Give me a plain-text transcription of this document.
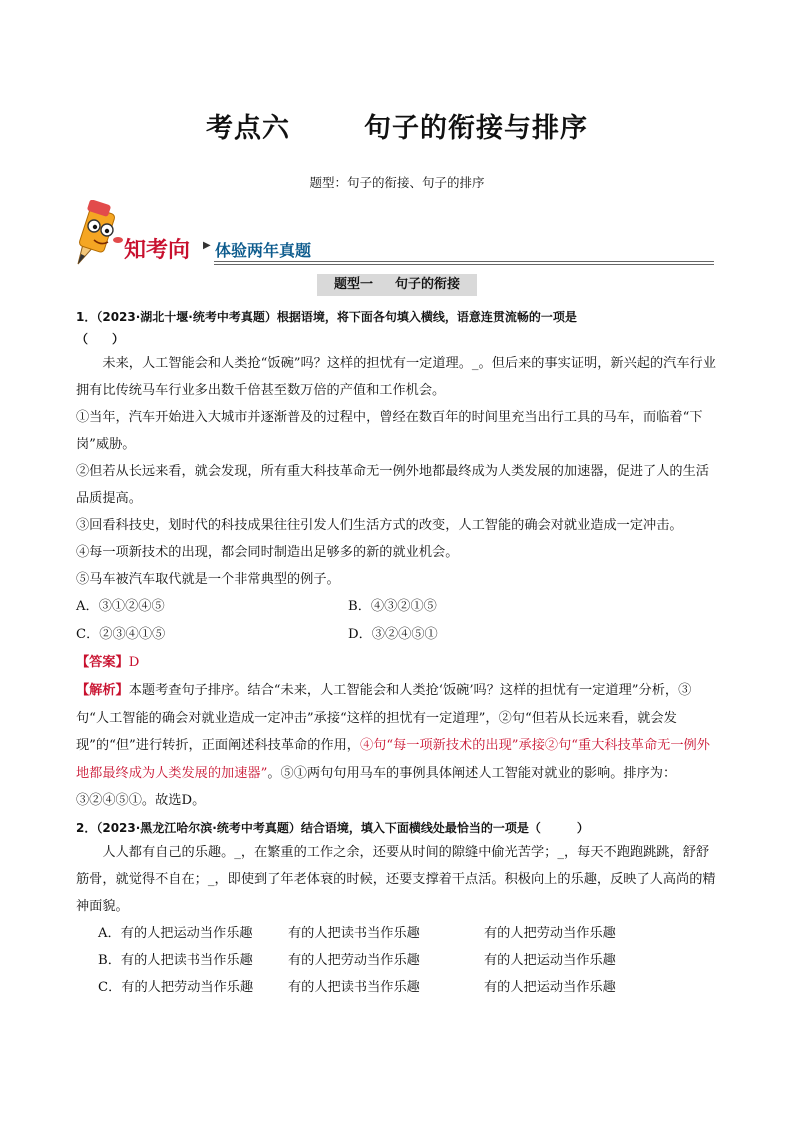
考点六	句子的衔接与排序
题型：句子的衔接、句子的排序
知考向 ▶ 体验两年真题
题型一 句子的衔接
1．（2023·湖北十堰·统考中考真题）根据语境，将下面各句填入横线，语意连贯流畅的一项是
（　　）
未来，人工智能会和人类抢“饭碗”吗？这样的担忧有一定道理。_。但后来的事实证明，新兴起的汽车行业拥有比传统马车行业多出数千倍甚至数万倍的产值和工作机会。
①当年，汽车开始进入大城市并逐渐普及的过程中，曾经在数百年的时间里充当出行工具的马车，而临着“下岗”威胁。
②但若从长远来看，就会发现，所有重大科技革命无一例外地都最终成为人类发展的加速器，促进了人的生活品质提高。
③回看科技史，划时代的科技成果往往引发人们生活方式的改变，人工智能的确会对就业造成一定冲击。
④每一项新技术的出现，都会同时制造出足够多的新的就业机会。
⑤马车被汽车取代就是一个非常典型的例子。
A．③①②④⑤	B．④③②①⑤
C．②③④①⑤	D．③②④⑤①
【答案】D
【解析】本题考查句子排序。结合“未来，人工智能会和人类抢‘饭碗’吗？这样的担忧有一定道理”分析，③句“人工智能的确会对就业造成一定冲击”承接“这样的担忧有一定道理”，②句“但若从长远来看，就会发现”的“但”进行转折，正面阐述科技革命的作用，④句“每一项新技术的出现”承接②句“重大科技革命无一例外地都最终成为人类发展的加速器”。⑤①两句句用马车的事例具体阐述人工智能对就业的影响。排序为：③②④⑤①。故选D。
2．（2023·黑龙江哈尔滨·统考中考真题）结合语境，填入下面横线处最恰当的一项是（　　　）
人人都有自己的乐趣。_，在繁重的工作之余，还要从时间的隙缝中偷光苦学；_，每天不跑跑跳跳，舒舒筋骨，就觉得不自在；_，即使到了年老体衰的时候，还要支撑着干点活。积极向上的乐趣，反映了人高尚的精神面貌。
A．有的人把运动当作乐趣	有的人把读书当作乐趣	有的人把劳动当作乐趣
B．有的人把读书当作乐趣	有的人把劳动当作乐趣	有的人把运动当作乐趣
C．有的人把劳动当作乐趣	有的人把读书当作乐趣	有的人把运动当作乐趣
